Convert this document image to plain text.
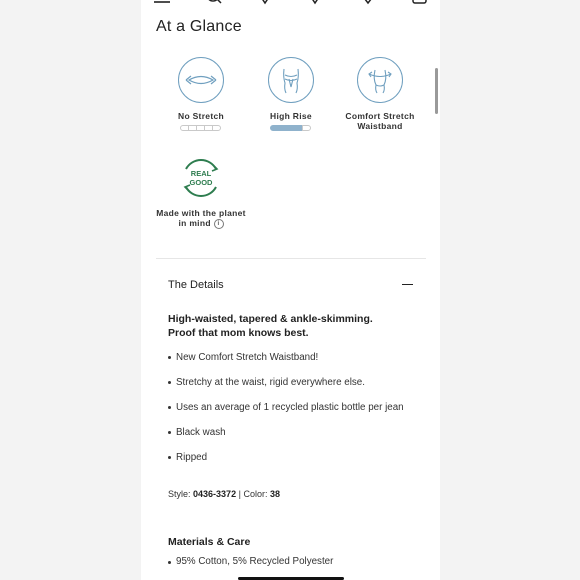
At a Glance
No Stretch	High Rise	Comfort Stretch Waistband
REAL
GOOD
Made with the planet in mind i
The Details
High-waisted, tapered & ankle-skimming. Proof that mom knows best.
New Comfort Stretch Waistband!
Stretchy at the waist, rigid everywhere else.
Uses an average of 1 recycled plastic bottle per jean
Black wash
Ripped
Style: 0436-3372 | Color: 38
Materials & Care
95% Cotton, 5% Recycled Polyester
